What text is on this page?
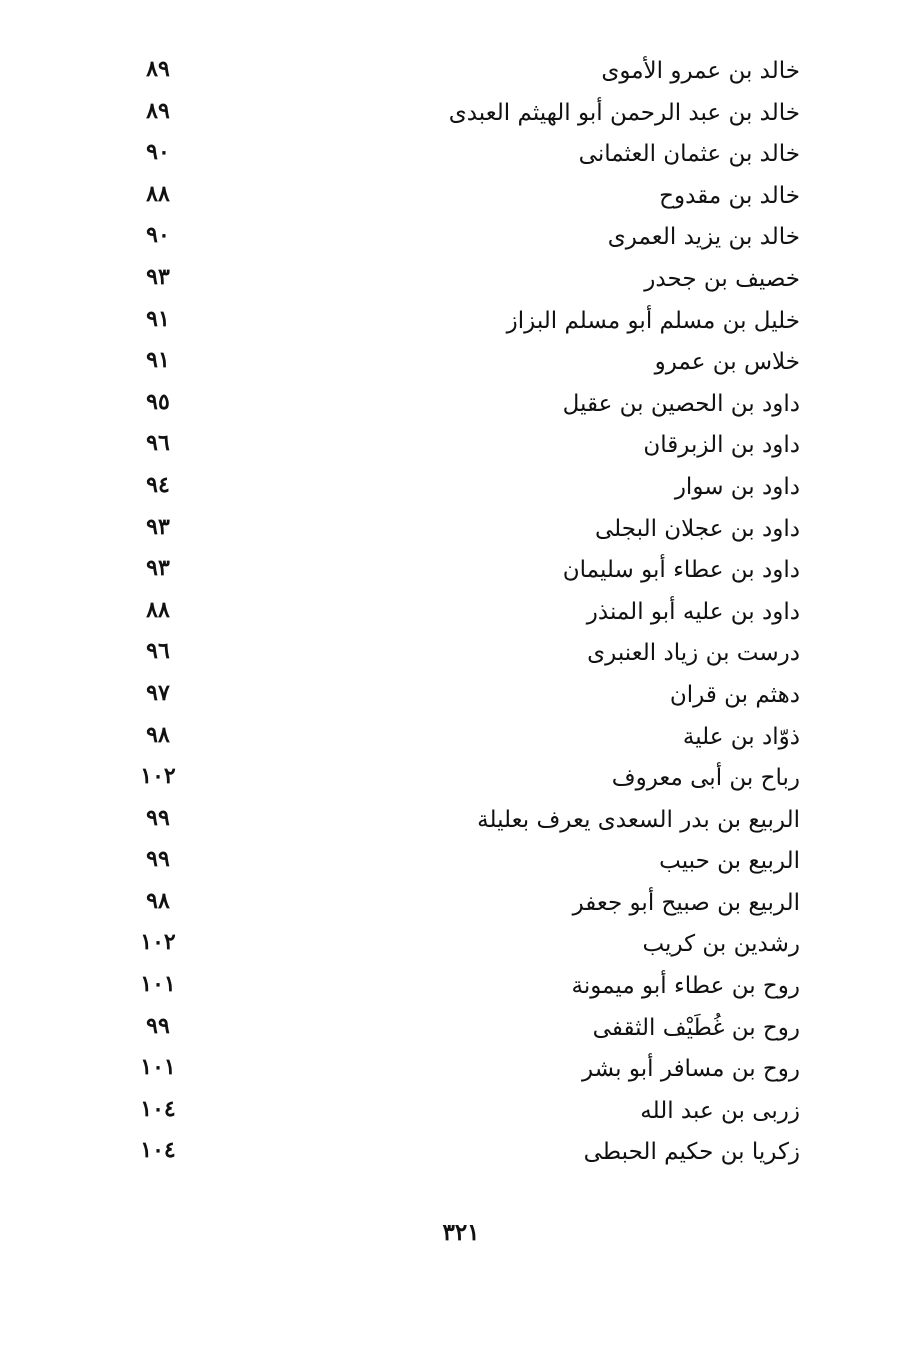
خالد بن عمرو الأموى
٨٩
خالد بن عبد الرحمن أبو الهيثم العبدى
٨٩
خالد بن عثمان العثمانى
٩٠
خالد بن مقدوح
٨٨
خالد بن يزيد العمرى
٩٠
خصيف بن جحدر
٩٣
خليل بن مسلم أبو مسلم البزاز
٩١
خلاس بن عمرو
٩١
داود بن الحصين بن عقيل
٩٥
داود بن الزبرقان
٩٦
داود بن سوار
٩٤
داود بن عجلان البجلى
٩٣
داود بن عطاء أبو سليمان
٩٣
داود بن عليه أبو المنذر
٨٨
درست بن زياد العنبرى
٩٦
دهثم بن قران
٩٧
ذوّاد بن علية
٩٨
رباح بن أبى معروف
١٠٢
الربيع بن بدر السعدى يعرف بعليلة
٩٩
الربيع بن حبيب
٩٩
الربيع بن صبيح أبو جعفر
٩٨
رشدين بن كريب
١٠٢
روح بن عطاء أبو ميمونة
١٠١
روح بن غُطَيْف الثقفى
٩٩
روح بن مسافر أبو بشر
١٠١
زربى بن عبد الله
١٠٤
زكريا بن حكيم الحبطى
١٠٤
٣٢١
